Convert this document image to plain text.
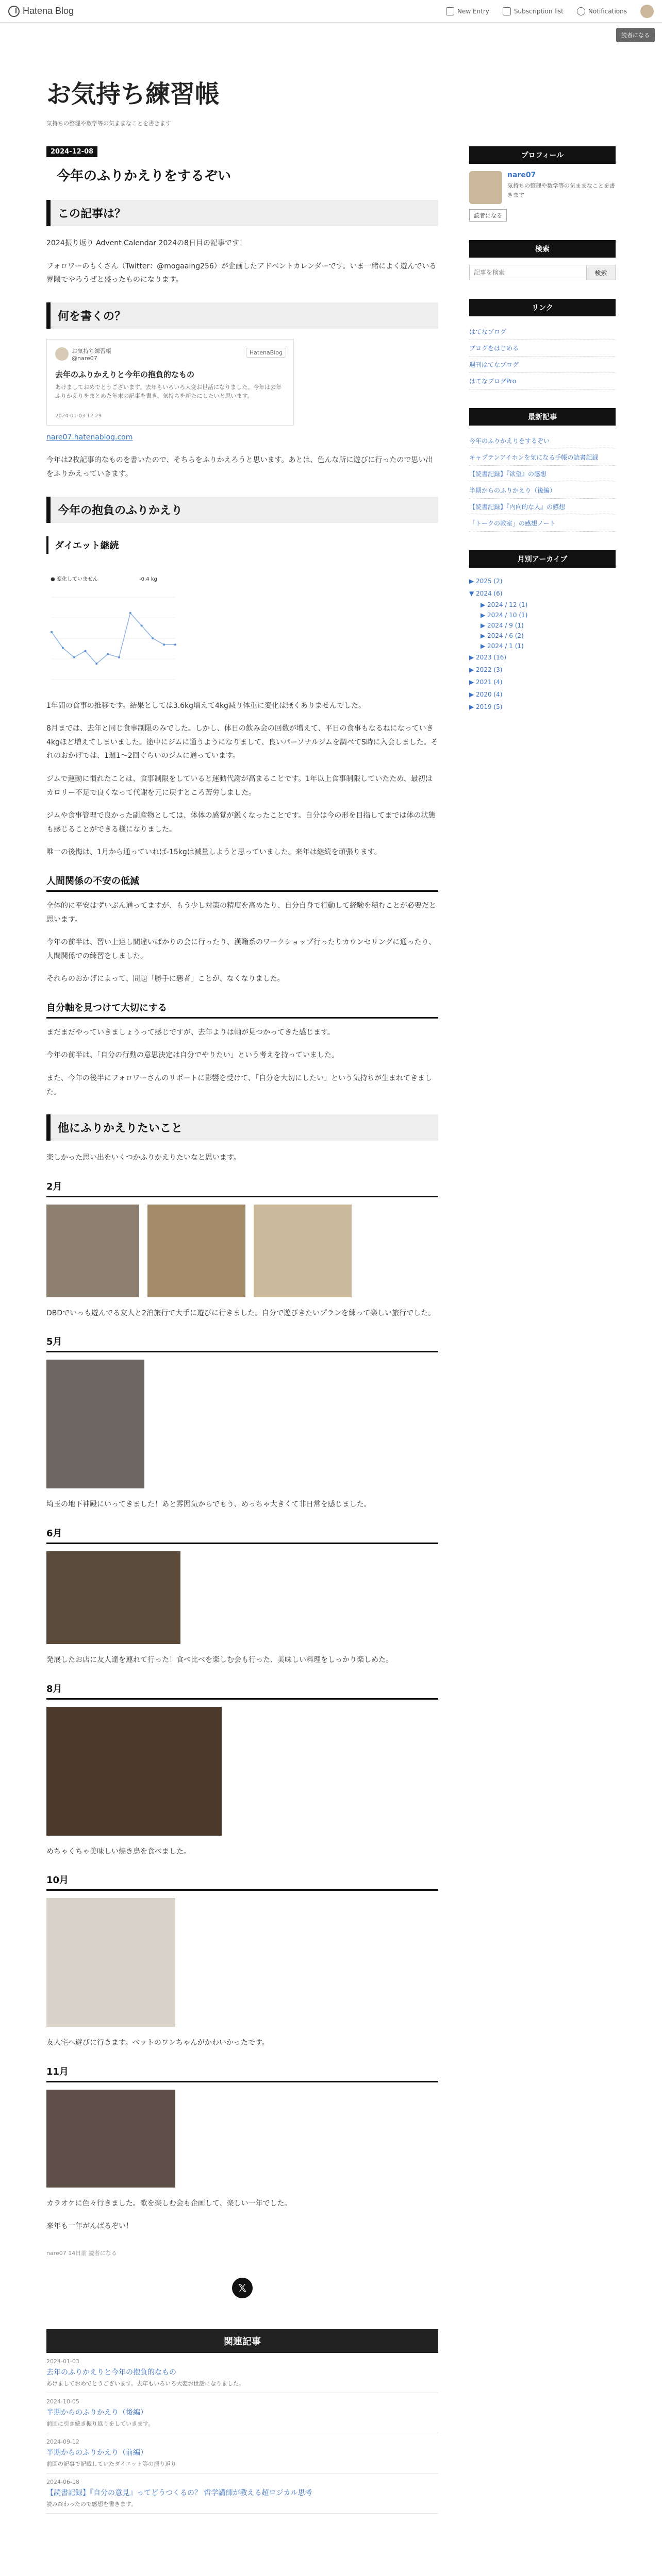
Hatena Blog	New Entry	Subscription list	Notifications
読者になる
お気持ち練習帳
気持ちの整理や数学等の気ままなことを書きます
2024-12-08
今年のふりかえりをするぞい
この記事は？

2024振り返り Advent Calendar 2024の8日目の記事です！

フォロワーのもくさん（Twitter：@mogaaing256）が企画したアドベントカレンダーです。いま一緒によく遊んでいる界隈でやろうぜと盛ったものになります。

何を書くの？
お気持ち練習帳
@nare07
HatenaBlog
去年のふりかえりと今年の抱負的なもの
あけましておめでとうございます。去年もいろいろ大変お世話になりました。今年は去年ふりかえりをまとめた年末の記事を書き、気持ちを新たにしたいと思います。
2024-01-03 12:29

nare07.hatenablog.com

今年は2枚記事的なものを書いたので、そちらをふりかえろうと思います。あとは、色んな所に遊びに行ったので思い出をふりかえっていきます。

今年の抱負のふりかえり
ダイエット継続
● 変化していません	-0.4 kg

1年間の食事の推移です。結果としては3.6kg増えて4kg減り体重に変化は無くありませんでした。

8月までは、去年と同じ食事制限のみでした。しかし、体日の飲み会の回数が増えて、平日の食事もなるねになっていき4kgほど増えてしまいました。途中にジムに通うようになりまして、良いパーソナルジムを調べてS時に入会しました。それのおかげでは、1週1～2回ぐらいのジムに通っています。

ジムで運動に慣れたことは、食事制限をしていると運動代謝が高まることです。1年以上食事制限していたため、最初はカロリー不足で良くなって代謝を元に戻すところ苦労しました。

ジムや食事管理で良かった副産物としては、体体の感覚が鋭くなったことです。自分は今の形を目指してまでは体の状態も感じることができる様になりました。

唯一の後悔は、1月から通っていれば-15kgは減量しようと思っていました。来年は継続を頑張ります。

人間関係の不安の低減

全体的に平安はずいぶん通ってますが、もう少し対策の精度を高めたり、自分自身で行動して経験を積むことが必要だと思います。

今年の前半は、習い上達し間違いばかりの会に行ったり、漢籍系のワークショップ行ったりカウンセリングに通ったり、人間関係での練習をしました。

それらのおかげによって、問題「勝手に悪者」ことが、なくなりました。

自分軸を見つけて大切にする

まだまだやっていきましょうって感じですが、去年よりは軸が見つかってきた感じます。

今年の前半は、「自分の行動の意思決定は自分でやりたい」という考えを持っていました。

また、今年の後半にフォロワーさんのリポートに影響を受けて、「自分を大切にしたい」という気持ちが生まれてきました。

他にふりかえりたいこと

楽しかった思い出をいくつかふりかえりたいなと思います。

2月

DBDでいっも遊んでる友人と2泊旅行で大手に遊びに行きました。自分で遊びきたいプランを練って楽しい旅行でした。

5月

埼玉の地下神殿にいってきました！あと雰囲気からでもう、めっちゃ大きくて非日常を感じました。

6月

発展したお店に友人達を連れて行った！食べ比べを楽しむ会も行った、美味しい料理をしっかり楽しめた。

8月

めちゃくちゃ美味しい焼き鳥を食べました。

10月

友人宅へ遊びに行きます。ペットのワンちゃんがかわいかったです。

11月

カラオケに色々行きました。歌を楽しむ会も企画して、楽しい一年でした。

来年も一年がんばるぞい！

nare07 14日前 読者になる
𝕏
関連記事
2024-01-03
去年のふりかえりと今年の抱負的なもの
あけましておめでとうございます。去年もいろいろ大変お世話になりました。
2024-10-05
半期からのふりかえり（後編）
前回に引き続き振り返りをしていきます。
2024-09-12
半期からのふりかえり（前編）
前回の記事で記載していたダイエット等の振り返り
2024-06-18
【読書記録】『自分の意見』ってどうつくるの？ 哲学講師が教える超ロジカル思考
読み終わったので感想を書きます。
プロフィール
nare07
気持ちの整理や数学等の気ままなことを書きます
読者になる
検索
記事を検索
検索
リンク
はてなブログ
ブログをはじめる
週刊はてなブログ
はてなブログPro
最新記事
今年のふりかえりをするぞい
キャプテンアイホンを気になる手帳の読書記録
【読書記録】『欲望』の感想
半期からのふりかえり（後編）
【読書記録】『内向的な人』の感想
「トークの教室」の感想ノート
月別アーカイブ
▶ 2025 (2)
▼ 2024 (6)
▶ 2024 / 12 (1)
▶ 2024 / 10 (1)
▶ 2024 / 9 (1)
▶ 2024 / 6 (2)
▶ 2024 / 1 (1)
▶ 2023 (16)
▶ 2022 (3)
▶ 2021 (4)
▶ 2020 (4)
▶ 2019 (5)
